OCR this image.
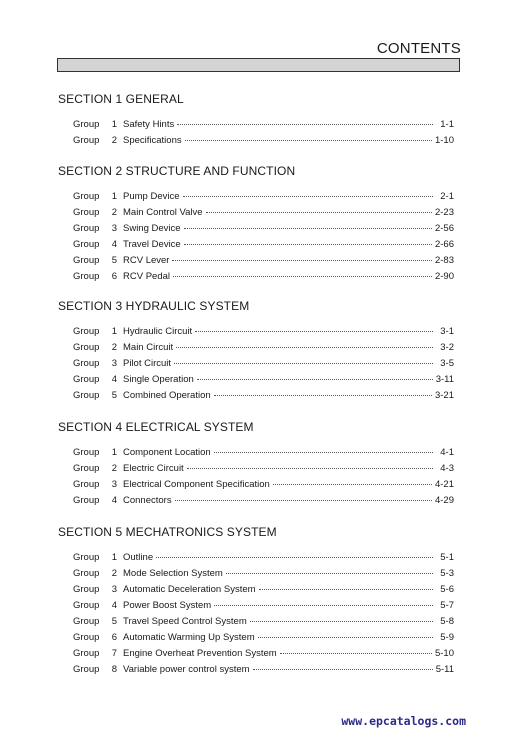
CONTENTS
SECTION 1 GENERAL
Group	1 Safety Hints	1-1
Group	2 Specifications	1-10
SECTION 2 STRUCTURE AND FUNCTION
Group	1 Pump Device	2-1
Group	2 Main Control Valve	2-23
Group	3 Swing Device	2-56
Group	4 Travel Device	2-66
Group	5 RCV Lever	2-83
Group	6 RCV Pedal	2-90
SECTION 3 HYDRAULIC SYSTEM
Group	1 Hydraulic Circuit	3-1
Group	2 Main Circuit	3-2
Group	3 Pilot Circuit	3-5
Group	4 Single Operation	3-11
Group	5 Combined Operation	3-21
SECTION 4 ELECTRICAL SYSTEM
Group	1 Component Location	4-1
Group	2 Electric Circuit	4-3
Group	3 Electrical Component Specification	4-21
Group	4 Connectors	4-29
SECTION 5 MECHATRONICS SYSTEM
Group	1 Outline	5-1
Group	2 Mode Selection System	5-3
Group	3 Automatic Deceleration System	5-6
Group	4 Power Boost System	5-7
Group	5 Travel Speed Control System	5-8
Group	6 Automatic Warming Up System	5-9
Group	7 Engine Overheat Prevention System	5-10
Group	8 Variable power control system	5-11
www.epcatalogs.com
